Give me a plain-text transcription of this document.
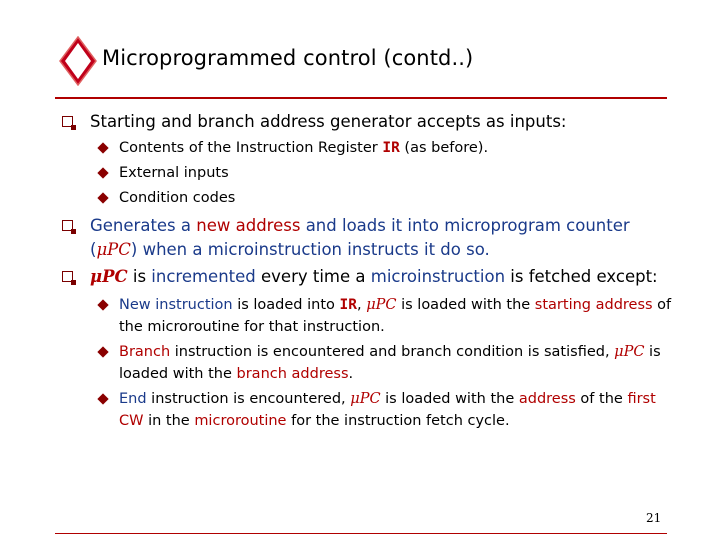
Microprogrammed control (contd..)
Starting and branch address generator accepts as inputs:
Contents of the Instruction Register IR (as before).
External inputs
Condition codes
Generates a new address and loads it into microprogram counter (μPC) when a microinstruction instructs it do so.
μPC is incremented every time a microinstruction is fetched except:
New instruction is loaded into IR, μPC is loaded with the starting address of the microroutine for that instruction.
Branch instruction is encountered and branch condition is satisfied, μPC is loaded with the branch address.
End instruction is encountered, μPC is loaded with the address of the first CW in the microroutine for the instruction fetch cycle.
21
